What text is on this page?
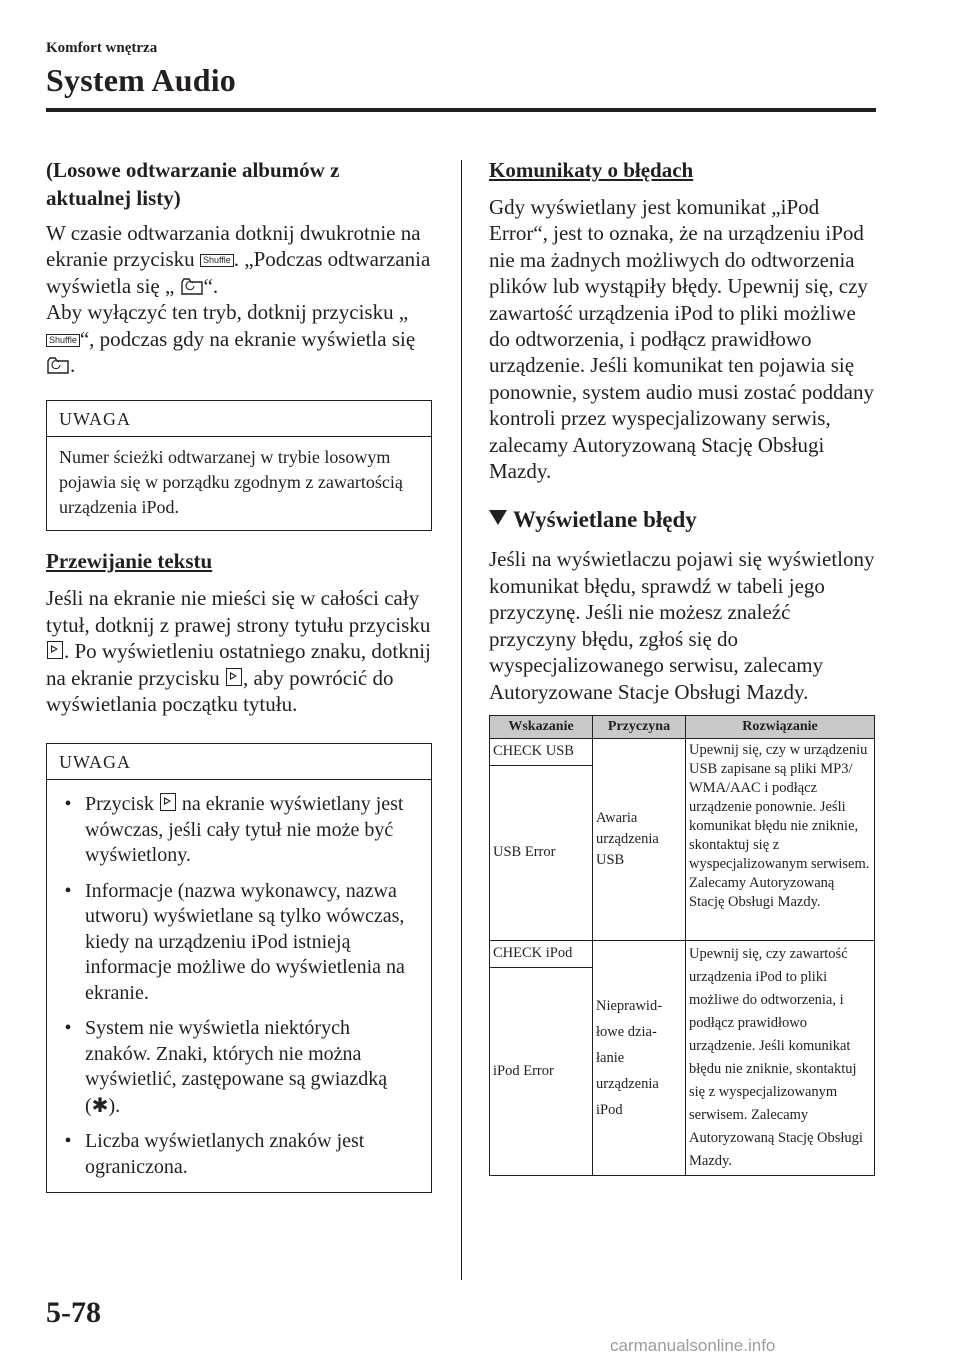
Komfort wnętrza
System Audio

(Losowe odtwarzanie albumów z aktualnej listy)

W czasie odtwarzania dotknij dwukrotnie na ekranie przycisku Shuffle . „Podczas odtwarzania wyświetla się „ “.
Aby wyłączyć ten tryb, dotknij przycisku „Shuffle “, podczas gdy na ekranie wyświetla się .

UWAGA
Numer ścieżki odtwarzanej w trybie losowym pojawia się w porządku zgodnym z zawartością urządzenia iPod.

Przewijanie tekstu

Jeśli na ekranie nie mieści się w całości cały tytuł, dotknij z prawej strony tytułu przycisku . Po wyświetleniu ostatniego znaku, dotknij na ekranie przycisku , aby powrócić do wyświetlania początku tytułu.

UWAGA
• Przycisk na ekranie wyświetlany jest wówczas, jeśli cały tytuł nie może być wyświetlony.
• Informacje (nazwa wykonawcy, nazwa utworu) wyświetlane są tylko wówczas, kiedy na urządzeniu iPod istnieją informacje możliwe do wyświetlenia na ekranie.
• System nie wyświetla niektórych znaków. Znaki, których nie można wyświetlić, zastępowane są gwiazdką (✱).
• Liczba wyświetlanych znaków jest ograniczona.

Komunikaty o błędach

Gdy wyświetlany jest komunikat „iPod Error“, jest to oznaka, że na urządzeniu iPod nie ma żadnych możliwych do odtworzenia plików lub wystąpiły błędy. Upewnij się, czy zawartość urządzenia iPod to pliki możliwe do odtworzenia, i podłącz prawidłowo urządzenie. Jeśli komunikat ten pojawia się ponownie, system audio musi zostać poddany kontroli przez wyspecjalizowany serwis, zalecamy Autoryzowaną Stację Obsługi Mazdy.

Wyświetlane błędy

Jeśli na wyświetlaczu pojawi się wyświetlony komunikat błędu, sprawdź w tabeli jego przyczynę. Jeśli nie możesz znaleźć przyczyny błędu, zgłoś się do wyspecjalizowanego serwisu, zalecamy Autoryzowane Stacje Obsługi Mazdy.

Wskazanie	Przyczyna	Rozwiązanie
CHECK USB	Awaria urządzenia USB	Upewnij się, czy w urządzeniu USB zapisane są pliki MP3/ WMA/AAC i podłącz urządzenie ponownie. Jeśli komunikat błędu nie zniknie, skontaktuj się z wyspecjalizowanym serwisem. Zalecamy Autoryzowaną Stację Obsługi Mazdy.
USB Error		
CHECK iPod	Nieprawid-łowe dzia-łanie urządzenia iPod	Upewnij się, czy zawartość urządzenia iPod to pliki możliwe do odtworzenia, i podłącz prawidłowo urządzenie. Jeśli komunikat błędu nie zniknie, skontaktuj się z wyspecjalizowanym serwisem. Zalecamy Autoryzowaną Stację Obsługi Mazdy.
iPod Error		
5-78
carmanualsonline.info
